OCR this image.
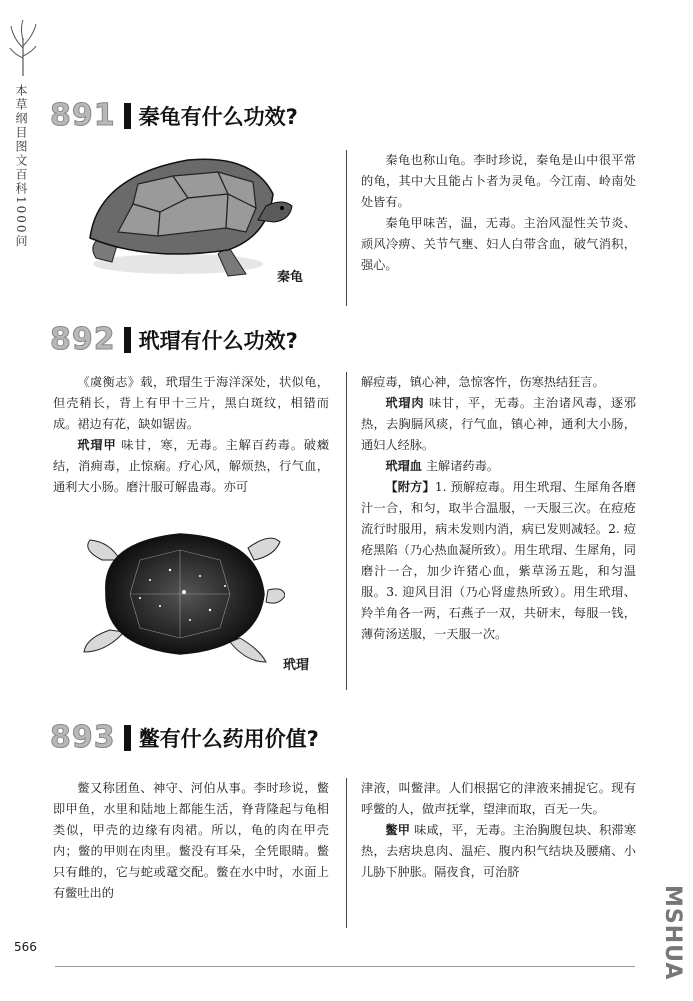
本草纲目图文百科1000问 891 秦龟有什么功效?
秦龟

秦龟也称山龟。李时珍说，秦龟是山中很平常的龟，其中大且能占卜者为灵龟。今江南、岭南处处皆有。

秦龟甲味苦，温，无毒。主治风湿性关节炎、顽风冷痹、关节气壅、妇人白带含血，破气消积，强心。

892 玳瑁有什么功效?

《虞衡志》载，玳瑁生于海洋深处，状似龟，但壳稍长，背上有甲十三片，黑白斑纹，相错而成。裙边有花，缺如锯齿。

玳瑁甲 味甘，寒，无毒。主解百药毒。破癥结，消痈毒，止惊痫。疗心风，解烦热，行气血，通利大小肠。磨汁服可解蛊毒。亦可

玳瑁

解痘毒，镇心神，急惊客忤，伤寒热结狂言。

玳瑁肉 味甘，平，无毒。主治诸风毒，逐邪热，去胸膈风痰，行气血，镇心神，通利大小肠，通妇人经脉。

玳瑁血 主解诸药毒。

【附方】1. 预解痘毒。用生玳瑁、生犀角各磨汁一合，和匀，取半合温服，一天服三次。在痘疮流行时服用，病未发则内消，病已发则减轻。2. 痘疮黑陷（乃心热血凝所致）。用生玳瑁、生犀角，同磨汁一合，加少许猪心血，紫草汤五匙，和匀温服。3. 迎风目泪（乃心肾虚热所致）。用生玳瑁、羚羊角各一两，石燕子一双，共研末，每服一钱，薄荷汤送服，一天服一次。

893 鳖有什么药用价值?

鳖又称团鱼、神守、河伯从事。李时珍说，鳖即甲鱼，水里和陆地上都能生活，脊背隆起与龟相类似，甲壳的边缘有肉裙。所以，龟的肉在甲壳内；鳖的甲则在肉里。鳖没有耳朵，全凭眼睛。鳖只有雌的，它与蛇或鼋交配。鳖在水中时，水面上有鳖吐出的

津液，叫鳖津。人们根据它的津液来捕捉它。现有呼鳖的人，做声抚掌，望津而取，百无一失。

鳖甲 味咸，平，无毒。主治胸腹包块、积滞寒热，去痞块息肉、温疟、腹内积气结块及腰痛、小儿胁下肿胀。隔夜食，可治脐

566	MSHUA
